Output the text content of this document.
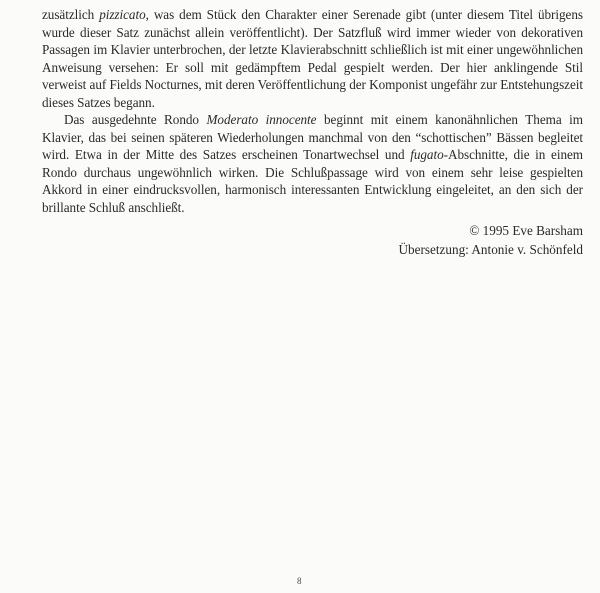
zusätzlich pizzicato, was dem Stück den Charakter einer Serenade gibt (unter diesem Titel übrigens wurde dieser Satz zunächst allein veröffentlicht). Der Satzfluß wird immer wieder von dekorativen Passagen im Klavier unterbrochen, der letzte Klavierabschnitt schließlich ist mit einer ungewöhnlichen Anweisung versehen: Er soll mit gedämpftem Pedal gespielt werden. Der hier anklingende Stil verweist auf Fields Nocturnes, mit deren Veröffentlichung der Komponist ungefähr zur Entstehungszeit dieses Satzes begann.

Das ausgedehnte Rondo Moderato innocente beginnt mit einem kanonähnlichen Thema im Klavier, das bei seinen späteren Wiederholungen manchmal von den “schottischen” Bässen begleitet wird. Etwa in der Mitte des Satzes erscheinen Tonartwechsel und fugato-Abschnitte, die in einem Rondo durchaus ungewöhnlich wirken. Die Schlußpassage wird von einem sehr leise gespielten Akkord in einer eindrucksvollen, harmonisch interessanten Entwicklung eingeleitet, an den sich der brillante Schluß anschließt.

© 1995 Eve Barsham
Übersetzung: Antonie v. Schönfeld
8
